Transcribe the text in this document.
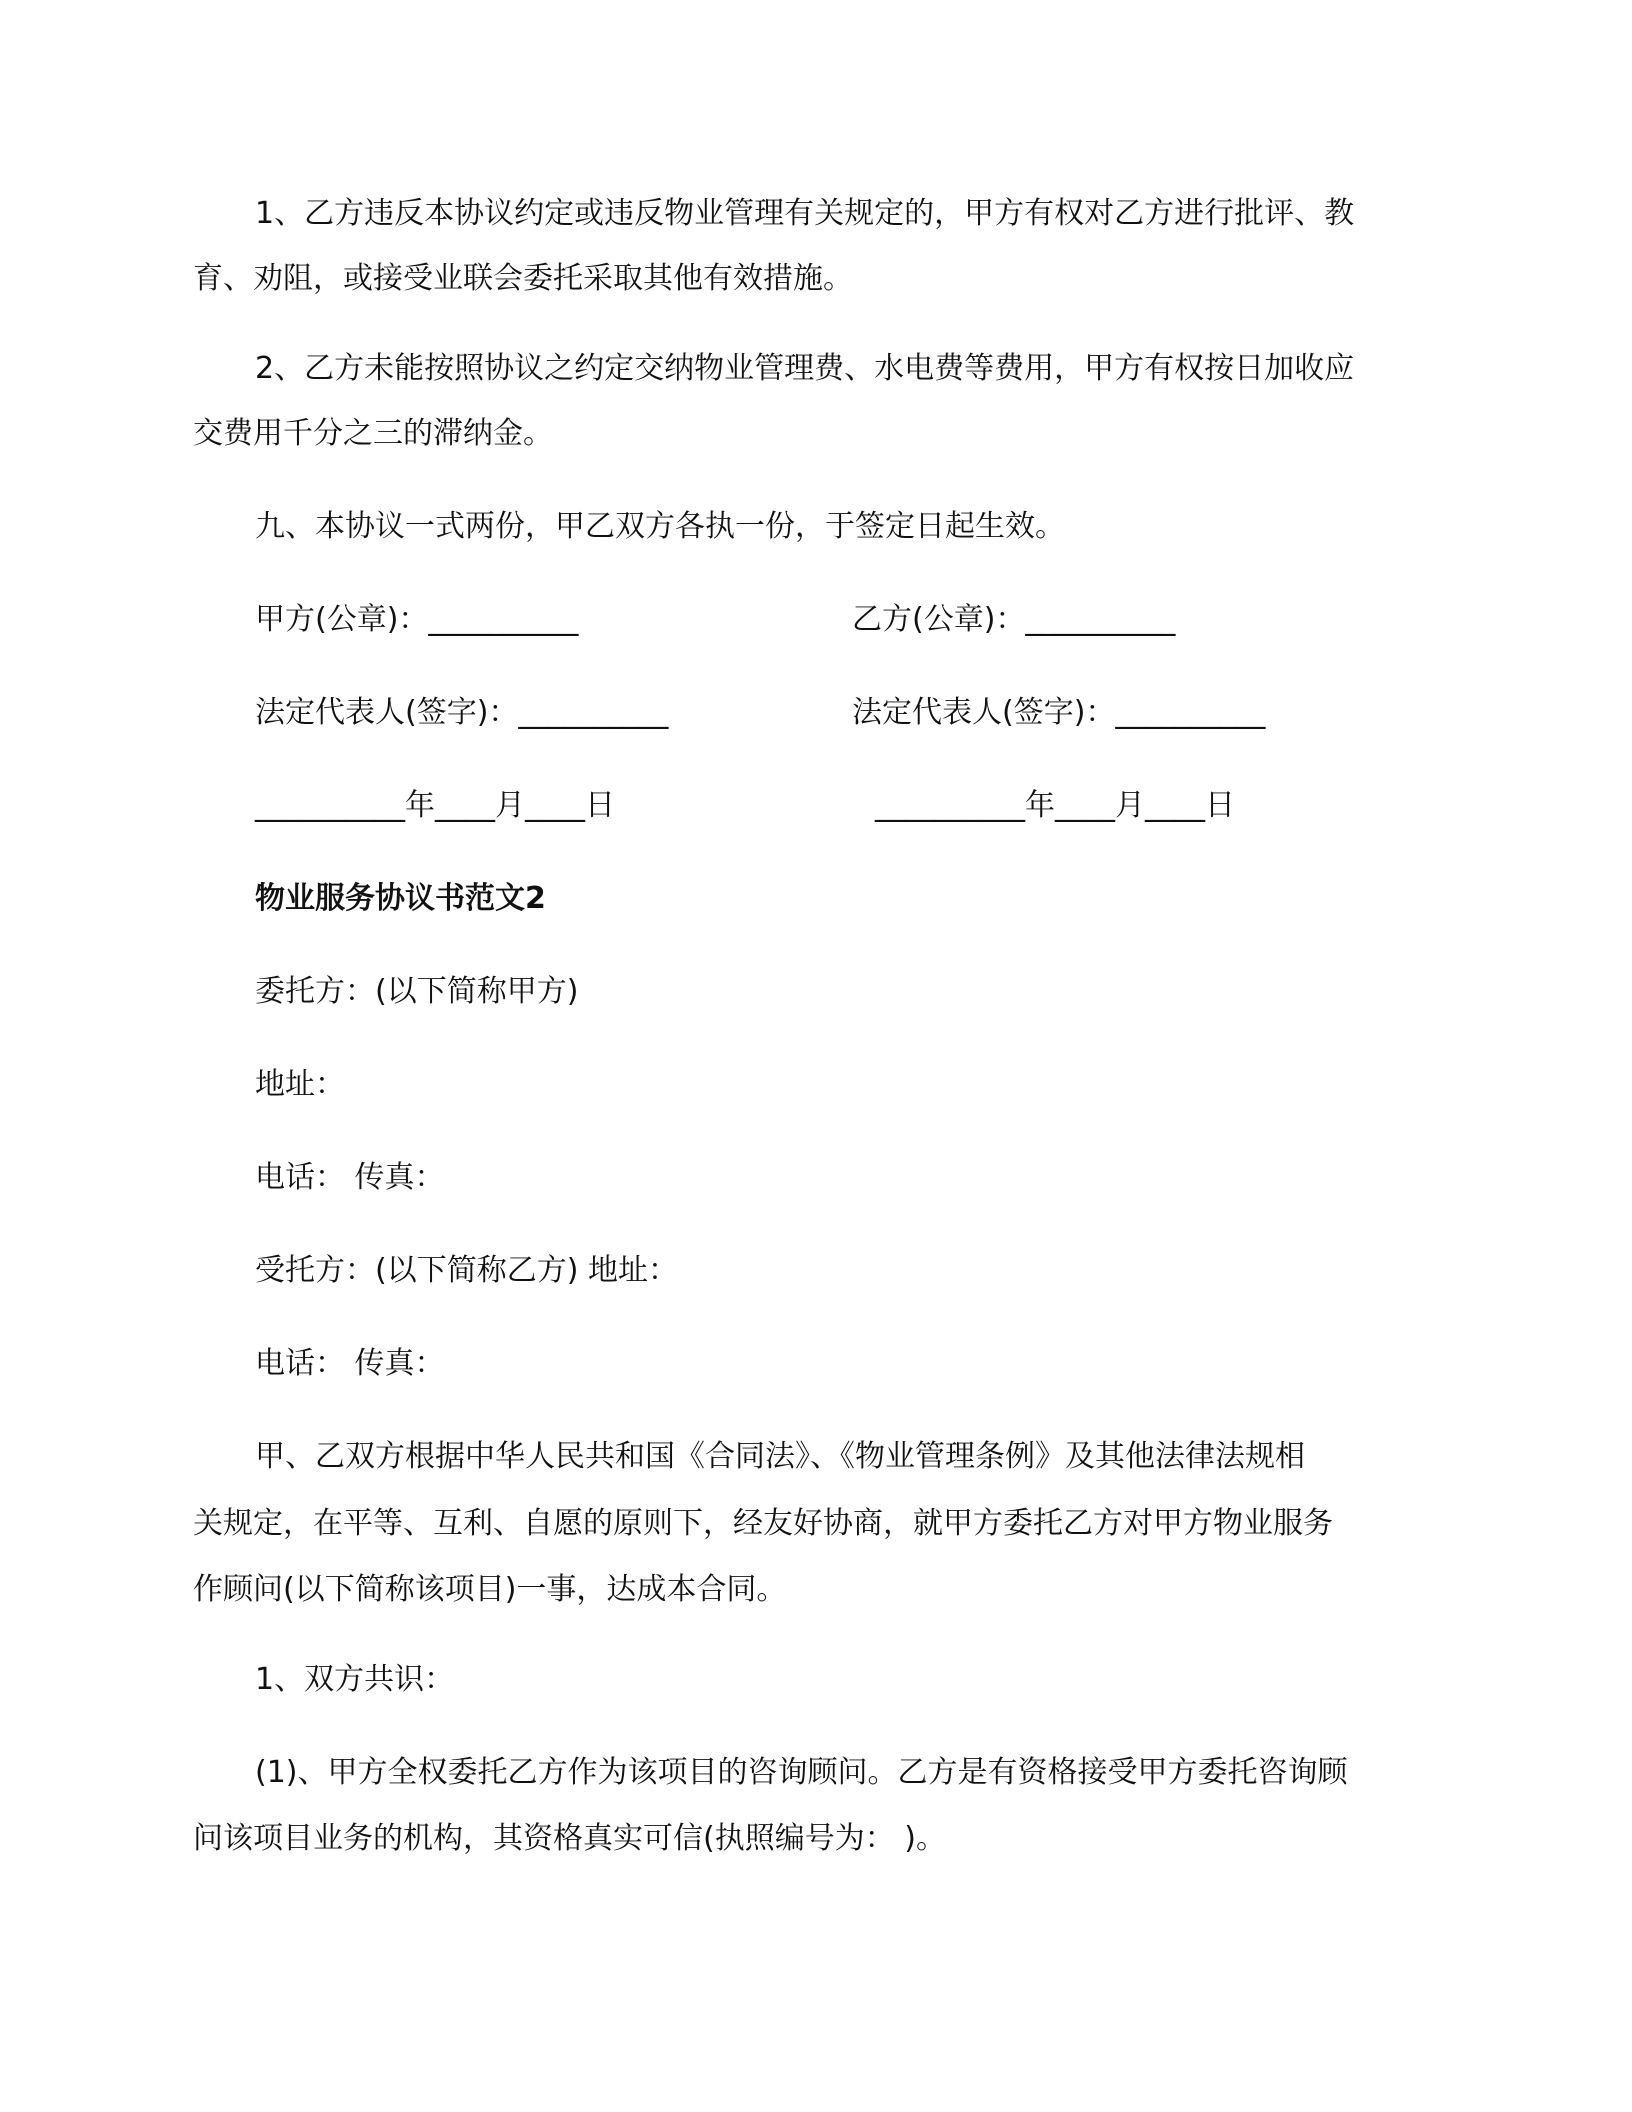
1、乙方违反本协议约定或违反物业管理有关规定的，甲方有权对乙方进行批评、教
育、劝阻，或接受业联会委托采取其他有效措施。
2、乙方未能按照协议之约定交纳物业管理费、水电费等费用，甲方有权按日加收应
交费用千分之三的滞纳金。
九、本协议一式两份，甲乙双方各执一份，于签定日起生效。
甲方(公章)：__________	乙方(公章)：__________
法定代表人(签字)：__________	法定代表人(签字)：__________
__________年____月____日	__________年____月____日
物业服务协议书范文2
委托方：(以下简称甲方)
地址：
电话： 传真：
受托方：(以下简称乙方) 地址：
电话： 传真：
甲、乙双方根据中华人民共和国《合同法》、《物业管理条例》及其他法律法规相
关规定，在平等、互利、自愿的原则下，经友好协商，就甲方委托乙方对甲方物业服务
作顾问(以下简称该项目)一事，达成本合同。
1、双方共识：
(1)、甲方全权委托乙方作为该项目的咨询顾问。乙方是有资格接受甲方委托咨询顾
问该项目业务的机构，其资格真实可信(执照编号为： )。
